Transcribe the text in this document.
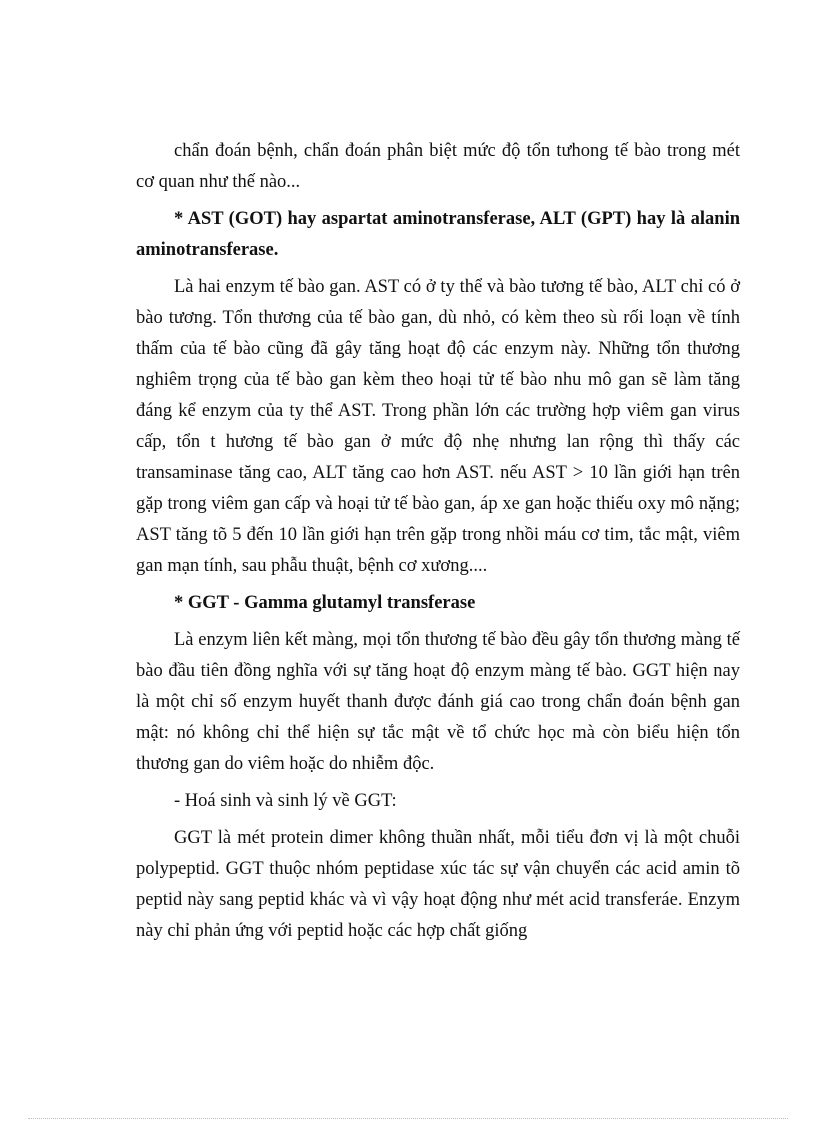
chẩn đoán bệnh, chẩn đoán phân biệt mức độ tổn tưhong tế bào trong mét cơ quan như thế nào...

* AST (GOT) hay aspartat aminotransferase, ALT (GPT) hay là alanin aminotransferase.

Là hai enzym tế bào gan. AST có ở ty thể và bào tương tế bào, ALT chỉ có ở bào tương. Tổn thương của tế bào gan, dù nhỏ, có kèm theo sù rối loạn về tính thấm của tế bào cũng đã gây tăng hoạt độ các enzym này. Những tổn thương nghiêm trọng của tế bào gan kèm theo hoại tử tế bào nhu mô gan sẽ làm tăng đáng kể enzym của ty thể AST. Trong phần lớn các trường hợp viêm gan virus cấp, tổn t hương tế bào gan ở mức độ nhẹ nhưng lan rộng thì thấy các transaminase tăng cao, ALT tăng cao hơn AST. nếu AST > 10 lần giới hạn trên gặp trong viêm gan cấp và hoại tử tế bào gan, áp xe gan hoặc thiếu oxy mô nặng; AST tăng tõ 5 đến 10 lần giới hạn trên gặp trong nhồi máu cơ tim, tắc mật, viêm gan mạn tính, sau phẫu thuật, bệnh cơ xương....

* GGT - Gamma glutamyl transferase

Là enzym liên kết màng, mọi tổn thương tế bào đều gây tổn thương màng tế bào đầu tiên đồng nghĩa với sự tăng hoạt độ enzym màng tế bào. GGT hiện nay là một chỉ số enzym huyết thanh được đánh giá cao trong chẩn đoán bệnh gan mật: nó không chỉ thể hiện sự tắc mật về tổ chức học mà còn biểu hiện tổn thương gan do viêm hoặc do nhiễm độc.

- Hoá sinh và sinh lý về GGT:

GGT là mét protein dimer không thuần nhất, mỗi tiểu đơn vị là một chuỗi polypeptid. GGT thuộc nhóm peptidase xúc tác sự vận chuyển các acid amin tõ peptid này sang peptid khác và vì vậy hoạt động như mét acid transferáe. Enzym này chỉ phản ứng với peptid hoặc các hợp chất giống
